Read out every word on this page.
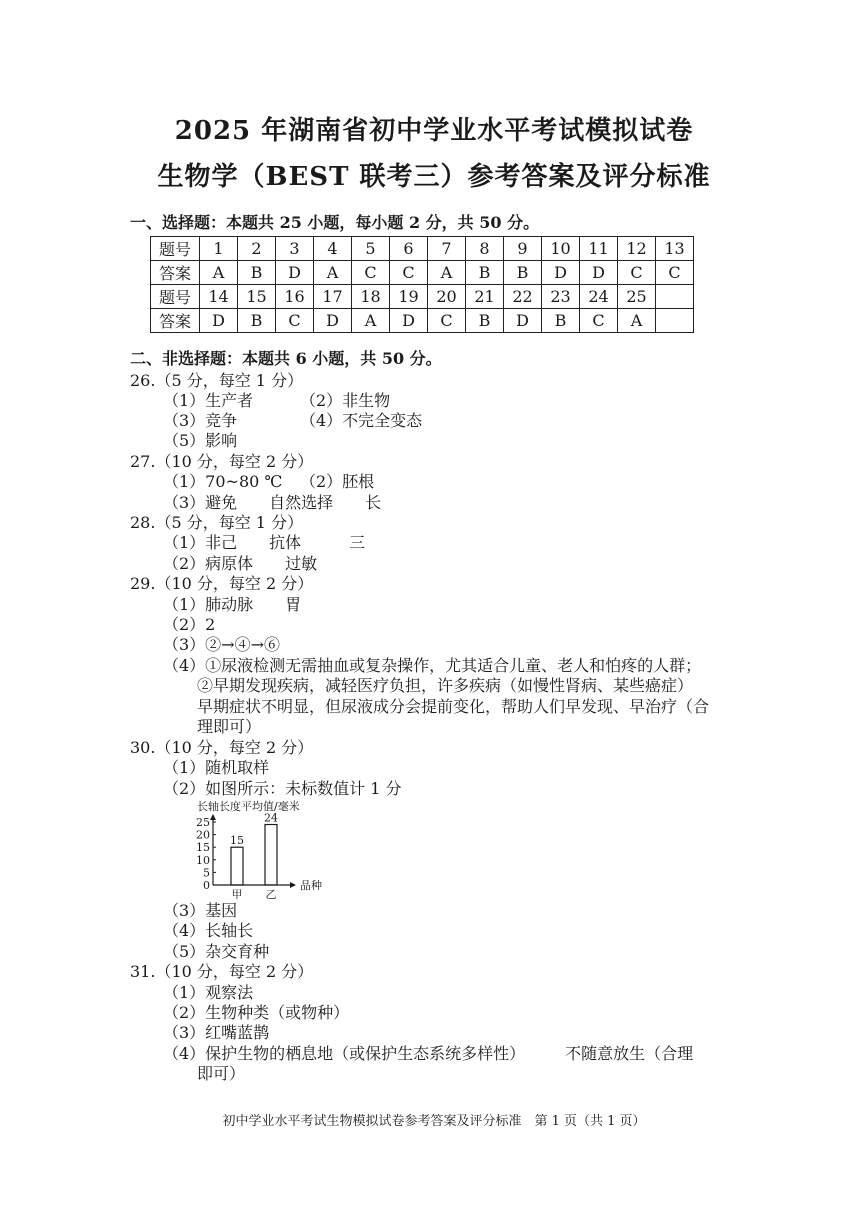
2025 年湖南省初中学业水平考试模拟试卷
生物学（BEST 联考三）参考答案及评分标准
一、选择题：本题共 25 小题，每小题 2 分，共 50 分。
题号	1	2	3	4	5	6	7	8	9	10	11	12	13
答案	A	B	D	A	C	C	A	B	B	D	D	C	C
题号	14	15	16	17	18	19	20	21	22	23	24	25	
答案	D	B	C	D	A	D	C	B	D	B	C	A	
二、非选择题：本题共 6 小题，共 50 分。
26.（5 分，每空 1 分）
（1）生产者	（2）非生物
（3）竞争	（4）不完全变态
（5）影响
27.（10 分，每空 2 分）
（1）70~80 ℃ （2）胚根
（3）避免　　自然选择　　长
28.（5 分，每空 1 分）
（1）非己　　抗体　　　三
（2）病原体　　过敏
29.（10 分，每空 2 分）
（1）肺动脉　　胃
（2）2
（3）②→④→⑥
（4）①尿液检测无需抽血或复杂操作，尤其适合儿童、老人和怕疼的人群；
②早期发现疾病，减轻医疗负担，许多疾病（如慢性肾病、某些癌症）
早期症状不明显，但尿液成分会提前变化，帮助人们早发现、早治疗（合
理即可）
30.（10 分，每空 2 分）
（1）随机取样
（2）如图所示：未标数值计 1 分
长轴长度平均值/毫米
品种
0
5
10
15
20
25
15
甲
24
乙
（3）基因
（4）长轴长
（5）杂交育种
31.（10 分，每空 2 分）
（1）观察法
（2）生物种类（或物种）
（3）红嘴蓝鹊
（4）保护生物的栖息地（或保护生态系统多样性）　　　不随意放生（合理
即可）
初中学业水平考试生物模拟试卷参考答案及评分标准　第 1 页（共 1 页）
